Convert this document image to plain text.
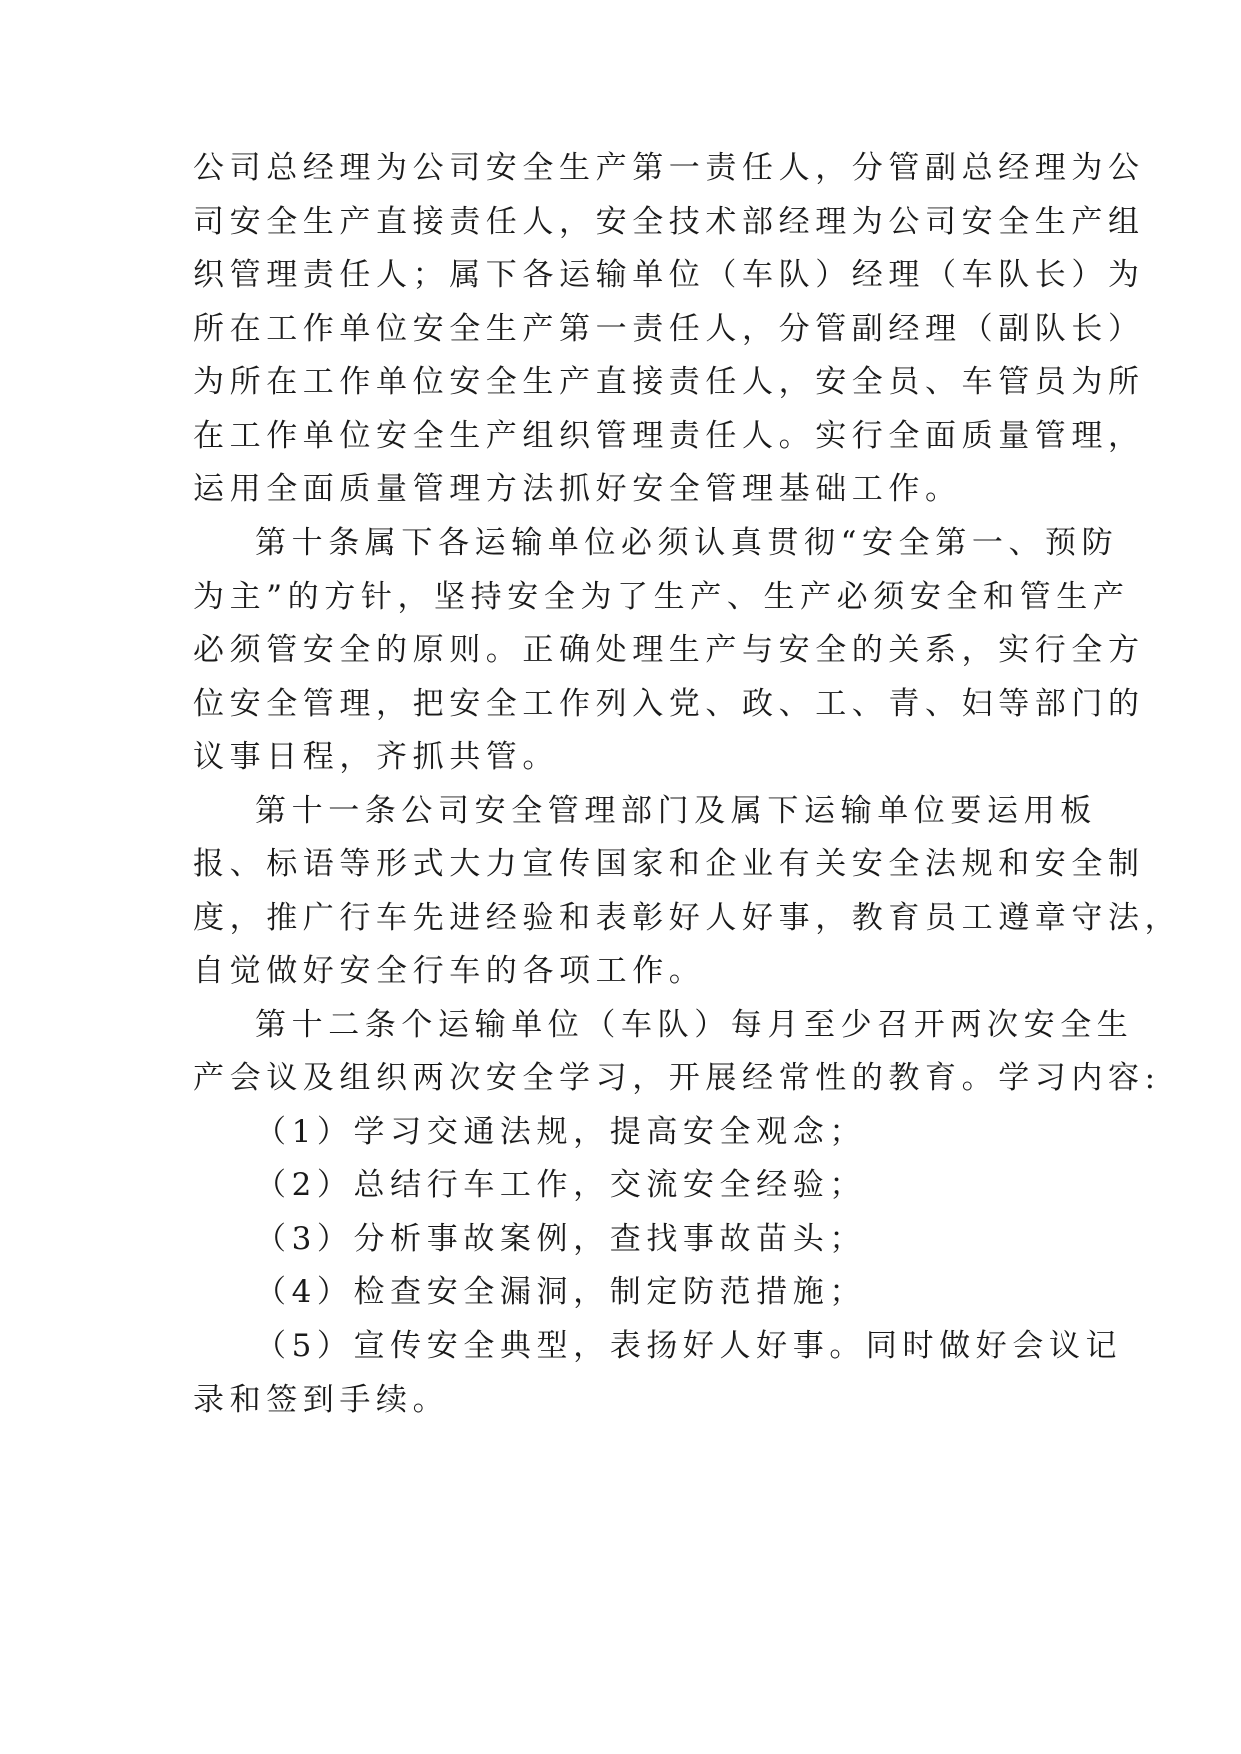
公司总经理为公司安全生产第一责任人，分管副总经理为公

司安全生产直接责任人，安全技术部经理为公司安全生产组

织管理责任人；属下各运输单位（车队）经理（车队长）为

所在工作单位安全生产第一责任人，分管副经理（副队长）

为所在工作单位安全生产直接责任人，安全员、车管员为所

在工作单位安全生产组织管理责任人。实行全面质量管理，

运用全面质量管理方法抓好安全管理基础工作。

第十条属下各运输单位必须认真贯彻“安全第一、预防

为主”的方针，坚持安全为了生产、生产必须安全和管生产

必须管安全的原则。正确处理生产与安全的关系，实行全方

位安全管理，把安全工作列入党、政、工、青、妇等部门的

议事日程，齐抓共管。

第十一条公司安全管理部门及属下运输单位要运用板

报、标语等形式大力宣传国家和企业有关安全法规和安全制

度，推广行车先进经验和表彰好人好事，教育员工遵章守法，

自觉做好安全行车的各项工作。

第十二条个运输单位（车队）每月至少召开两次安全生

产会议及组织两次安全学习，开展经常性的教育。学习内容:

（1）学习交通法规，提高安全观念；

（2）总结行车工作，交流安全经验；

（3）分析事故案例，查找事故苗头；

（4）检查安全漏洞，制定防范措施；

（5）宣传安全典型，表扬好人好事。同时做好会议记

录和签到手续。
